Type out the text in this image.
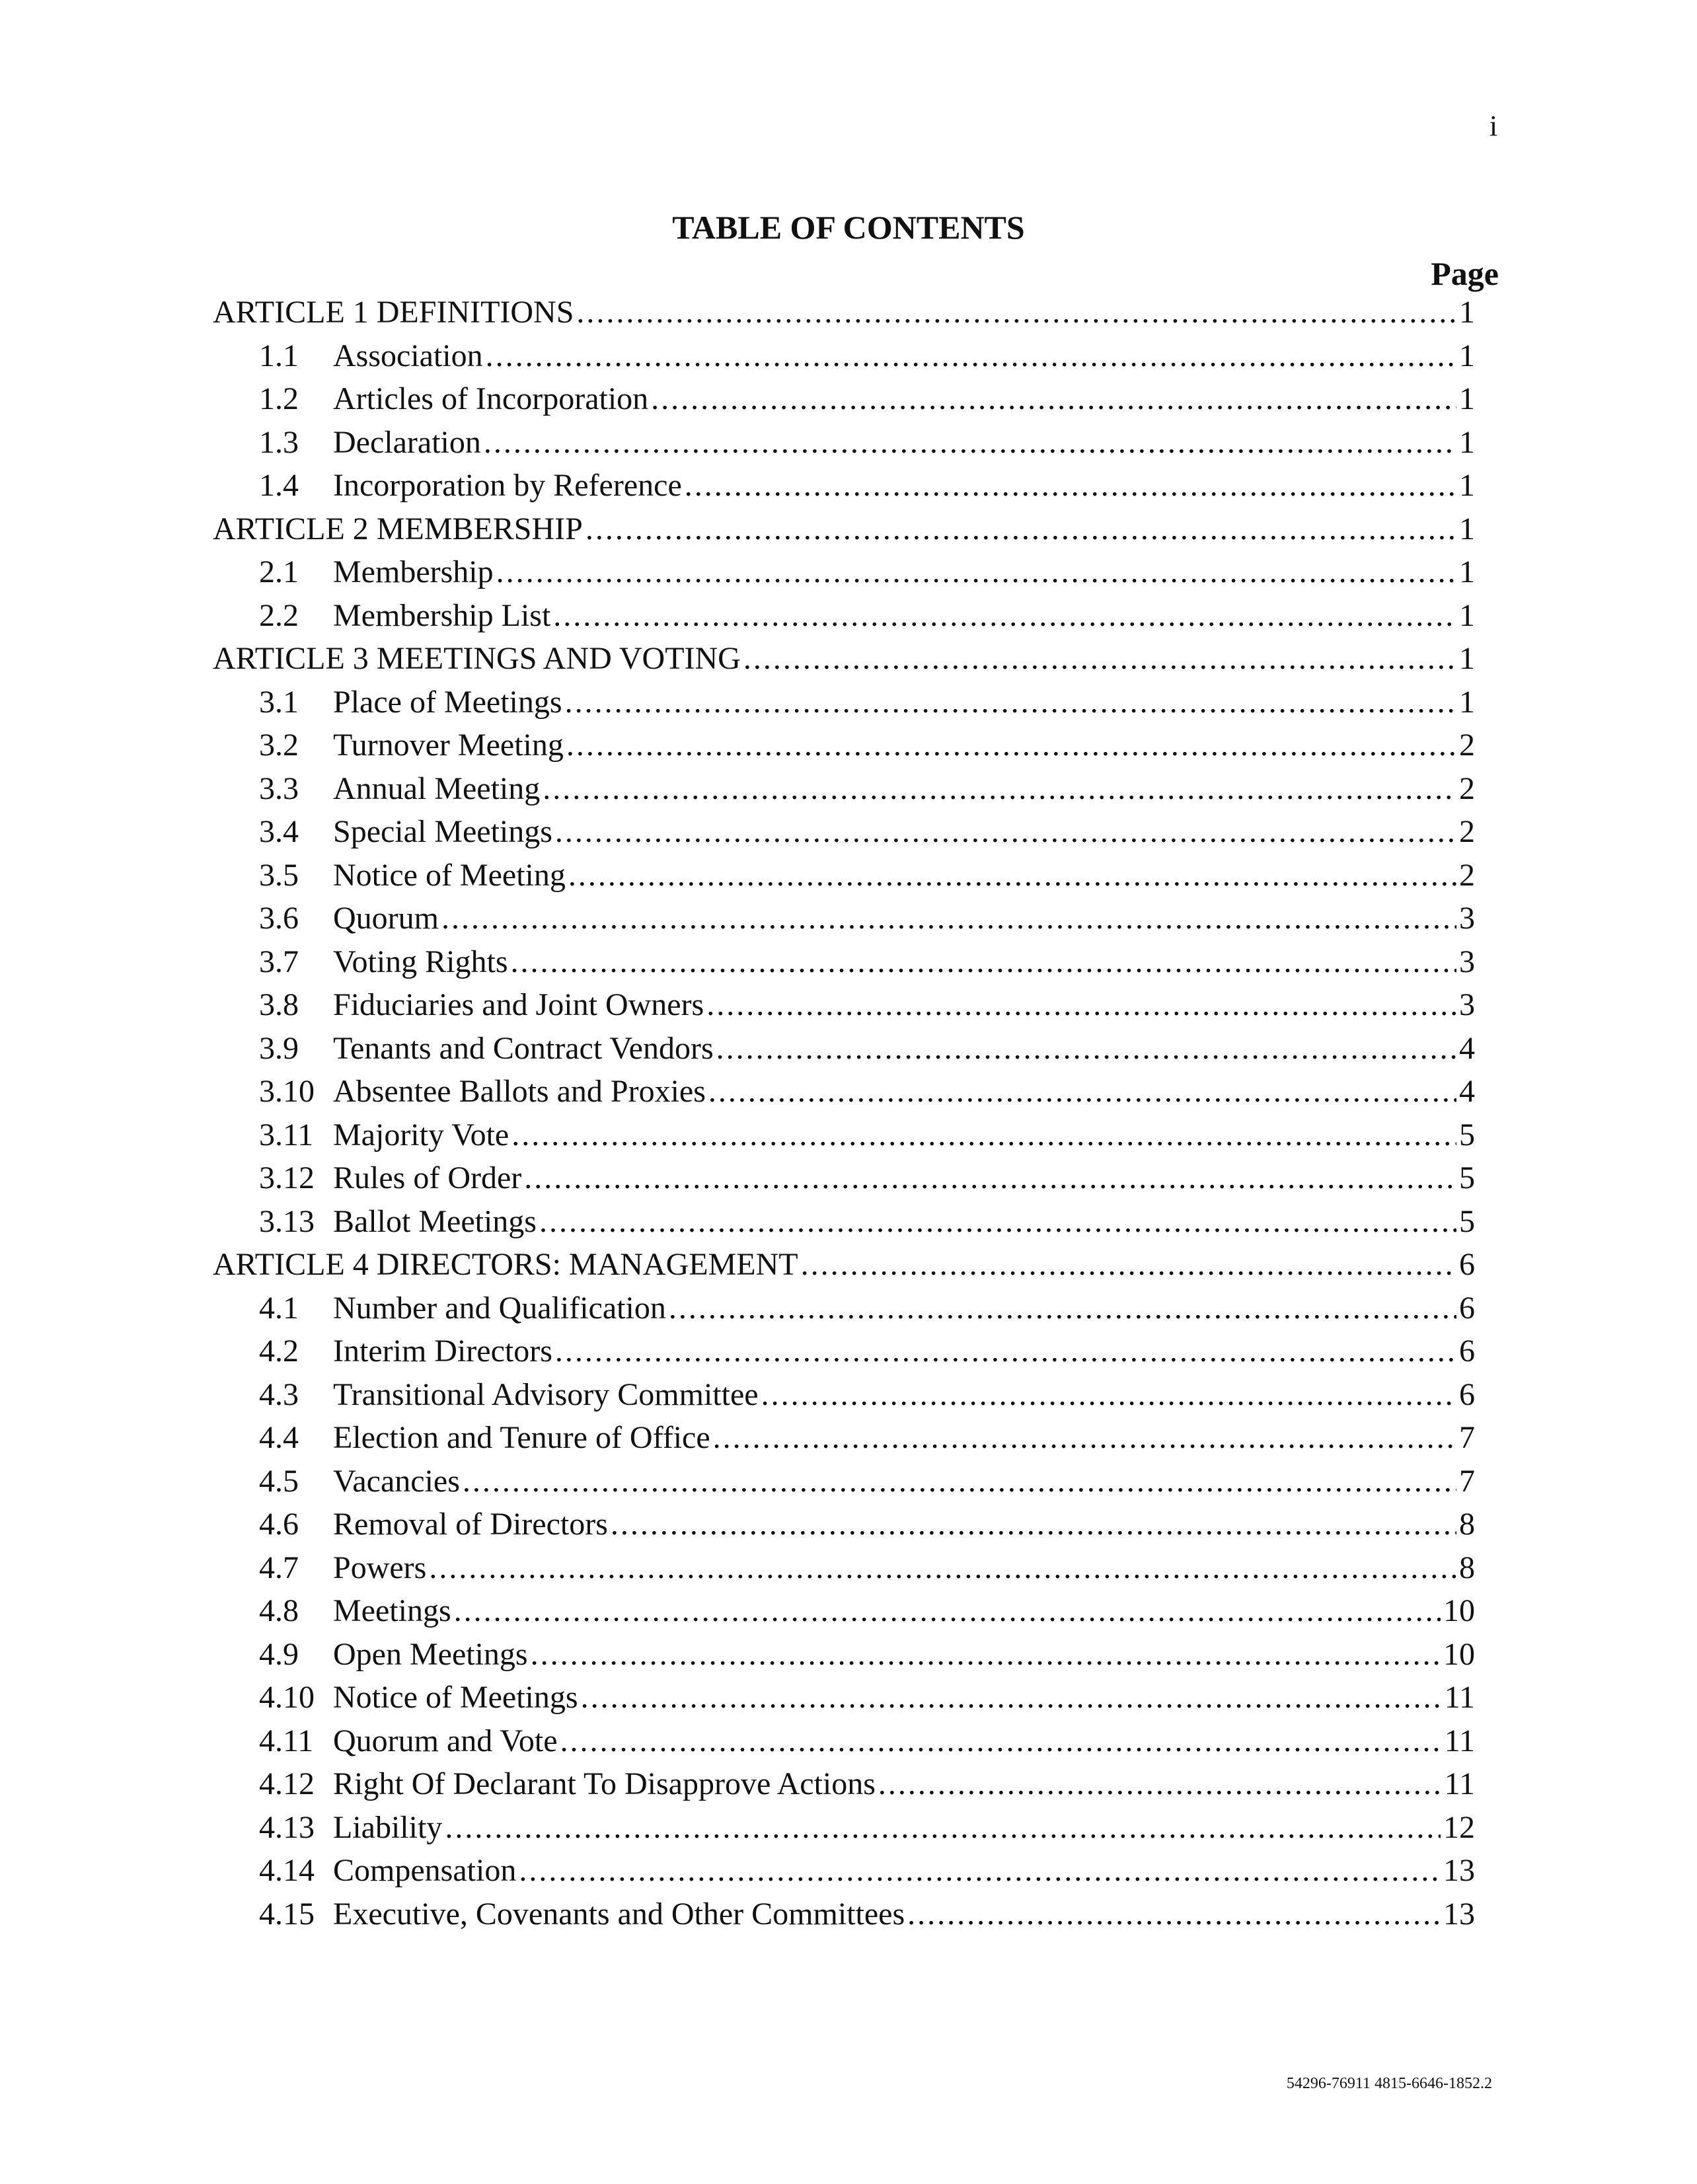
i
TABLE OF CONTENTS
Page
ARTICLE 1 DEFINITIONS .....	1
1.1	Association .....	1
1.2	Articles of Incorporation .....	1
1.3	Declaration .....	1
1.4	Incorporation by Reference .....	1
ARTICLE 2 MEMBERSHIP .....	1
2.1	Membership .....	1
2.2	Membership List .....	1
ARTICLE 3 MEETINGS AND VOTING .....	1
3.1	Place of Meetings .....	1
3.2	Turnover Meeting .....	2
3.3	Annual Meeting .....	2
3.4	Special Meetings .....	2
3.5	Notice of Meeting .....	2
3.6	Quorum .....	3
3.7	Voting Rights .....	3
3.8	Fiduciaries and Joint Owners .....	3
3.9	Tenants and Contract Vendors .....	4
3.10 Absentee Ballots and Proxies .....	4
3.11 Majority Vote .....	5
3.12 Rules of Order .....	5
3.13 Ballot Meetings .....	5
ARTICLE 4 DIRECTORS: MANAGEMENT .....	6
4.1	Number and Qualification .....	6
4.2	Interim Directors .....	6
4.3	Transitional Advisory Committee .....	6
4.4	Election and Tenure of Office .....	7
4.5	Vacancies .....	7
4.6	Removal of Directors .....	8
4.7	Powers .....	8
4.8	Meetings .....	10
4.9	Open Meetings .....	10
4.10 Notice of Meetings .....	11
4.11 Quorum and Vote .....	11
4.12 Right Of Declarant To Disapprove Actions .....	11
4.13 Liability .....	12
4.14 Compensation .....	13
4.15 Executive, Covenants and Other Committees .....	13
54296-76911 4815-6646-1852.2
